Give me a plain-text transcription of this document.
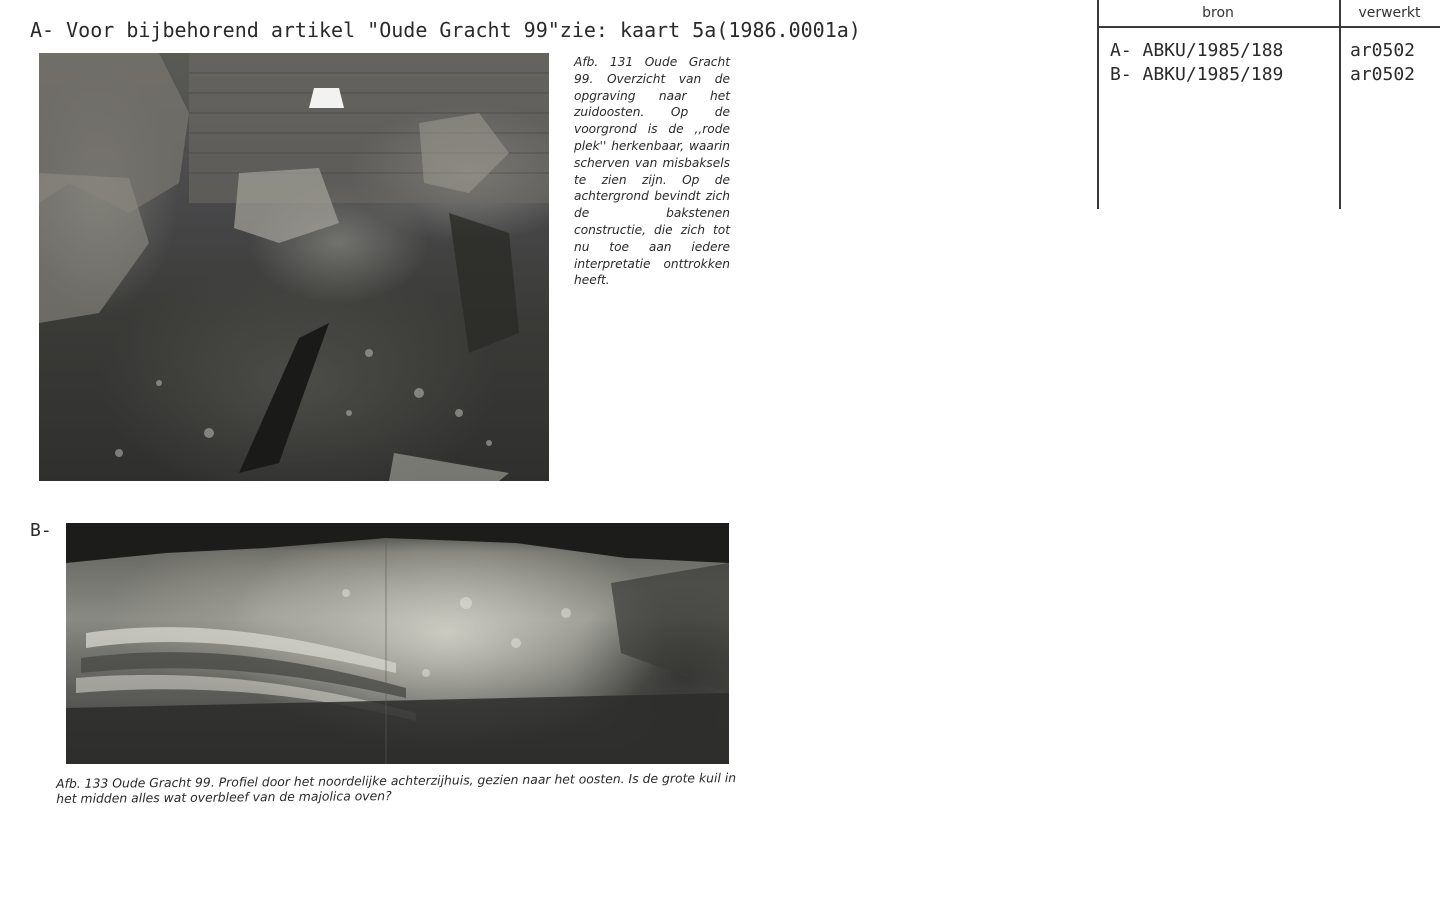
A- Voor bijbehorend artikel "Oude Gracht 99"zie: kaart 5a(1986.0001a)
Afb. 131 Oude Gracht 99. Overzicht van de opgraving naar het zuidoosten. Op de voorgrond is de ,,rode plek'' herkenbaar, waarin scherven van misbaksels te zien zijn. Op de achtergrond bevindt zich de bakstenen constructie, die zich tot nu toe aan iedere interpretatie onttrokken heeft.
B-
Afb. 133 Oude Gracht 99. Profiel door het noordelijke achterzijhuis, gezien naar het oosten. Is de grote kuil in het midden alles wat overbleef van de majolica oven?
bron	verwerkt
A- ABKU/1985/188	ar0502
B- ABKU/1985/189	ar0502
